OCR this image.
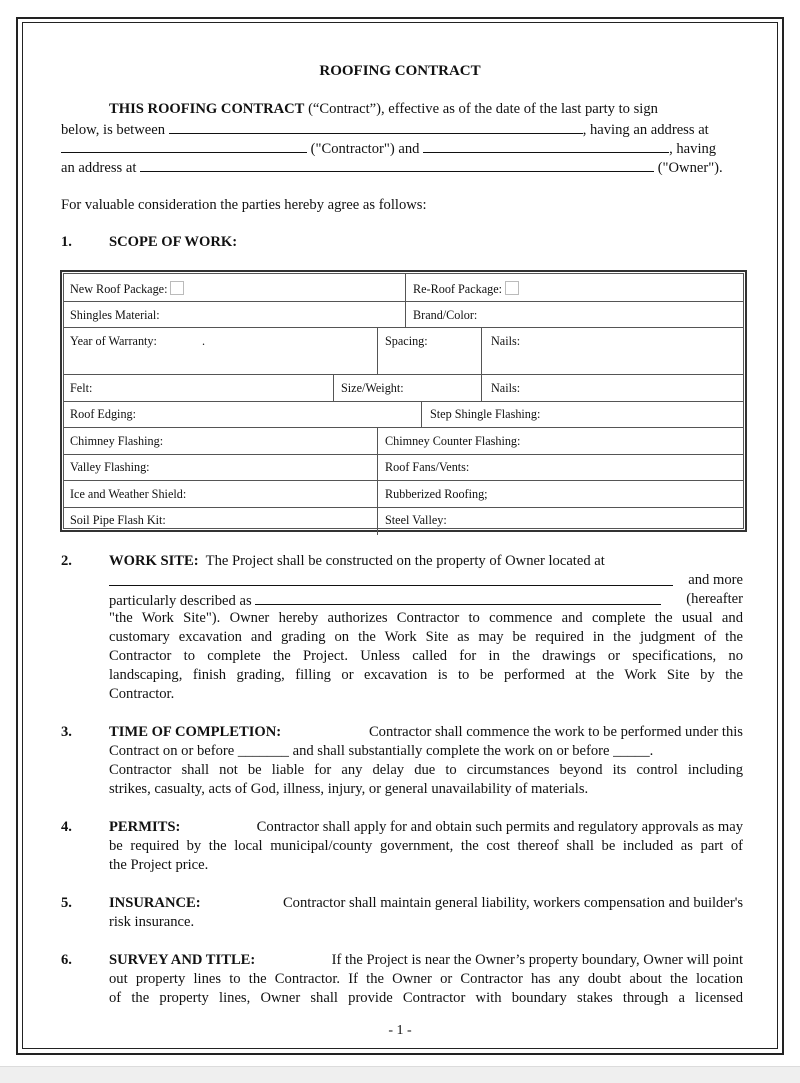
ROOFING CONTRACT
THIS ROOFING CONTRACT (“Contract”), effective as of the date of the last party to sign
below, is between	, having an address at
("Contractor") and	, having
an address at	("Owner").
For valuable consideration the parties hereby agree as follows:
1.	SCOPE OF WORK:
New Roof Package:	Re-Roof Package:
Shingles Material:	Brand/Color:
Year of Warranty:	.	Spacing:	Nails:
Felt:	Size/Weight:	Nails:
Roof Edging:	Step Shingle Flashing:
Chimney Flashing:	Chimney Counter Flashing:
Valley Flashing:	Roof Fans/Vents:
Ice and Weather Shield:	Rubberized Roofing;
Soil Pipe Flash Kit:	Steel Valley:
2.	WORK SITE: The Project shall be constructed on the property of Owner located at
and more
particularly described as	(hereafter
"the Work Site"). Owner hereby authorizes Contractor to commence and complete the usual and
customary excavation and grading on the Work Site as may be required in the judgment of the
Contractor to complete the Project. Unless called for in the drawings or specifications, no
landscaping, finish grading, filling or excavation is to be performed at the Work Site by the
Contractor.
3.	TIME OF COMPLETION:	Contractor shall commence the work to be performed under this
Contract on or before _______ and shall substantially complete the work on or before _____.
Contractor shall not be liable for any delay due to circumstances beyond its control including
strikes, casualty, acts of God, illness, injury, or general unavailability of materials.
4.	PERMITS:	Contractor shall apply for and obtain such permits and regulatory approvals as may
be required by the local municipal/county government, the cost thereof shall be included as part of
the Project price.
5.	INSURANCE:	Contractor shall maintain general liability, workers compensation and builder's
risk insurance.
6.	SURVEY AND TITLE:	If the Project is near the Owner’s property boundary, Owner will point
out property lines to the Contractor. If the Owner or Contractor has any doubt about the location
of the property lines, Owner shall provide Contractor with boundary stakes through a licensed
- 1 -
